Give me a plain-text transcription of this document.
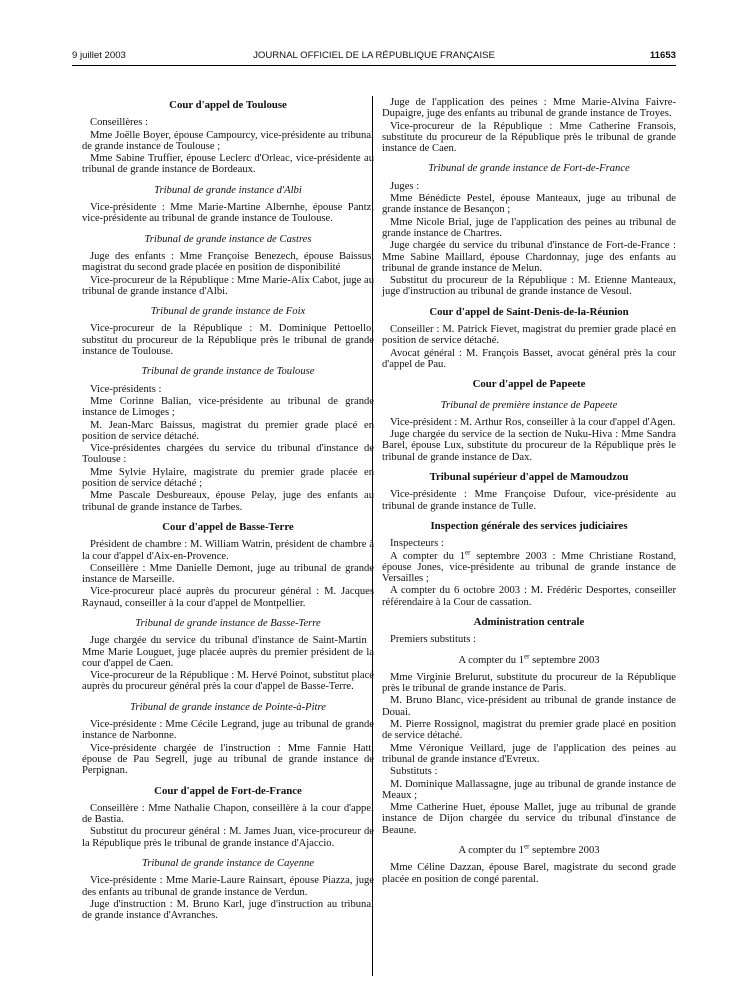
9 juillet 2003	JOURNAL OFFICIEL DE LA RÉPUBLIQUE FRANÇAISE	11653
Cour d'appel de Toulouse

Conseillères :

Mme Joëlle Boyer, épouse Campourcy, vice-présidente au tribunal de grande instance de Toulouse ;

Mme Sabine Truffier, épouse Leclerc d'Orleac, vice-présidente au tribunal de grande instance de Bordeaux.

Tribunal de grande instance d'Albi

Vice-présidente : Mme Marie-Martine Albernhe, épouse Pantz, vice-présidente au tribunal de grande instance de Toulouse.

Tribunal de grande instance de Castres

Juge des enfants : Mme Françoise Benezech, épouse Baissus, magistrat du second grade placée en position de disponibilité

Vice-procureur de la République : Mme Marie-Alix Cabot, juge au tribunal de grande instance d'Albi.

Tribunal de grande instance de Foix

Vice-procureur de la République : M. Dominique Pettoello, substitut du procureur de la République près le tribunal de grande instance de Toulouse.

Tribunal de grande instance de Toulouse

Vice-présidents :

Mme Corinne Balian, vice-présidente au tribunal de grande instance de Limoges ;

M. Jean-Marc Baissus, magistrat du premier grade placé en position de service détaché.

Vice-présidentes chargées du service du tribunal d'instance de Toulouse :

Mme Sylvie Hylaire, magistrate du premier grade placée en position de service détaché ;

Mme Pascale Desbureaux, épouse Pelay, juge des enfants au tribunal de grande instance de Tarbes.

Cour d'appel de Basse-Terre

Président de chambre : M. William Watrin, président de chambre à la cour d'appel d'Aix-en-Provence.

Conseillère : Mme Danielle Demont, juge au tribunal de grande instance de Marseille.

Vice-procureur placé auprès du procureur général : M. Jacques Raynaud, conseiller à la cour d'appel de Montpellier.

Tribunal de grande instance de Basse-Terre

Juge chargée du service du tribunal d'instance de Saint-Martin : Mme Marie Louguet, juge placée auprès du premier président de la cour d'appel de Caen.

Vice-procureur de la République : M. Hervé Poinot, substitut placé auprès du procureur général près la cour d'appel de Basse-Terre.

Tribunal de grande instance de Pointe-à-Pitre

Vice-présidente : Mme Cécile Legrand, juge au tribunal de grande instance de Narbonne.

Vice-présidente chargée de l'instruction : Mme Fannie Hatt, épouse de Pau Segrell, juge au tribunal de grande instance de Perpignan.

Cour d'appel de Fort-de-France

Conseillère : Mme Nathalie Chapon, conseillère à la cour d'appel de Bastia.

Substitut du procureur général : M. James Juan, vice-procureur de la République près le tribunal de grande instance d'Ajaccio.

Tribunal de grande instance de Cayenne

Vice-présidente : Mme Marie-Laure Rainsart, épouse Piazza, juge des enfants au tribunal de grande instance de Verdun.

Juge d'instruction : M. Bruno Karl, juge d'instruction au tribunal de grande instance d'Avranches.

Juge de l'application des peines : Mme Marie-Alvina Faivre-Dupaigre, juge des enfants au tribunal de grande instance de Troyes.

Vice-procureur de la République : Mme Catherine Fransois, substitute du procureur de la République près le tribunal de grande instance de Caen.

Tribunal de grande instance de Fort-de-France

Juges :

Mme Bénédicte Pestel, épouse Manteaux, juge au tribunal de grande instance de Besançon ;

Mme Nicole Brial, juge de l'application des peines au tribunal de grande instance de Chartres.

Juge chargée du service du tribunal d'instance de Fort-de-France : Mme Sabine Maillard, épouse Chardonnay, juge des enfants au tribunal de grande instance de Melun.

Substitut du procureur de la République : M. Etienne Manteaux, juge d'instruction au tribunal de grande instance de Vesoul.

Cour d'appel de Saint-Denis-de-la-Réunion

Conseiller : M. Patrick Fievet, magistrat du premier grade placé en position de service détaché.

Avocat général : M. François Basset, avocat général près la cour d'appel de Pau.

Cour d'appel de Papeete
Tribunal de première instance de Papeete

Vice-président : M. Arthur Ros, conseiller à la cour d'appel d'Agen.

Juge chargée du service de la section de Nuku-Hiva : Mme Sandra Barel, épouse Lux, substitute du procureur de la République près le tribunal de grande instance de Dax.

Tribunal supérieur d'appel de Mamoudzou

Vice-présidente : Mme Françoise Dufour, vice-présidente au tribunal de grande instance de Tulle.

Inspection générale des services judiciaires

Inspecteurs :

A compter du 1er septembre 2003 : Mme Christiane Rostand, épouse Jones, vice-présidente au tribunal de grande instance de Versailles ;

A compter du 6 octobre 2003 : M. Frédéric Desportes, conseiller référendaire à la Cour de cassation.

Administration centrale

Premiers substituts :

A compter du 1er septembre 2003

Mme Virginie Brelurut, substitute du procureur de la République près le tribunal de grande instance de Paris.

M. Bruno Blanc, vice-président au tribunal de grande instance de Douai.

M. Pierre Rossignol, magistrat du premier grade placé en position de service détaché.

Mme Véronique Veillard, juge de l'application des peines au tribunal de grande instance d'Evreux.

Substituts :

M. Dominique Mallassagne, juge au tribunal de grande instance de Meaux ;

Mme Catherine Huet, épouse Mallet, juge au tribunal de grande instance de Dijon chargée du service du tribunal d'instance de Beaune.

A compter du 1er septembre 2003

Mme Céline Dazzan, épouse Barel, magistrate du second grade placée en position de congé parental.
